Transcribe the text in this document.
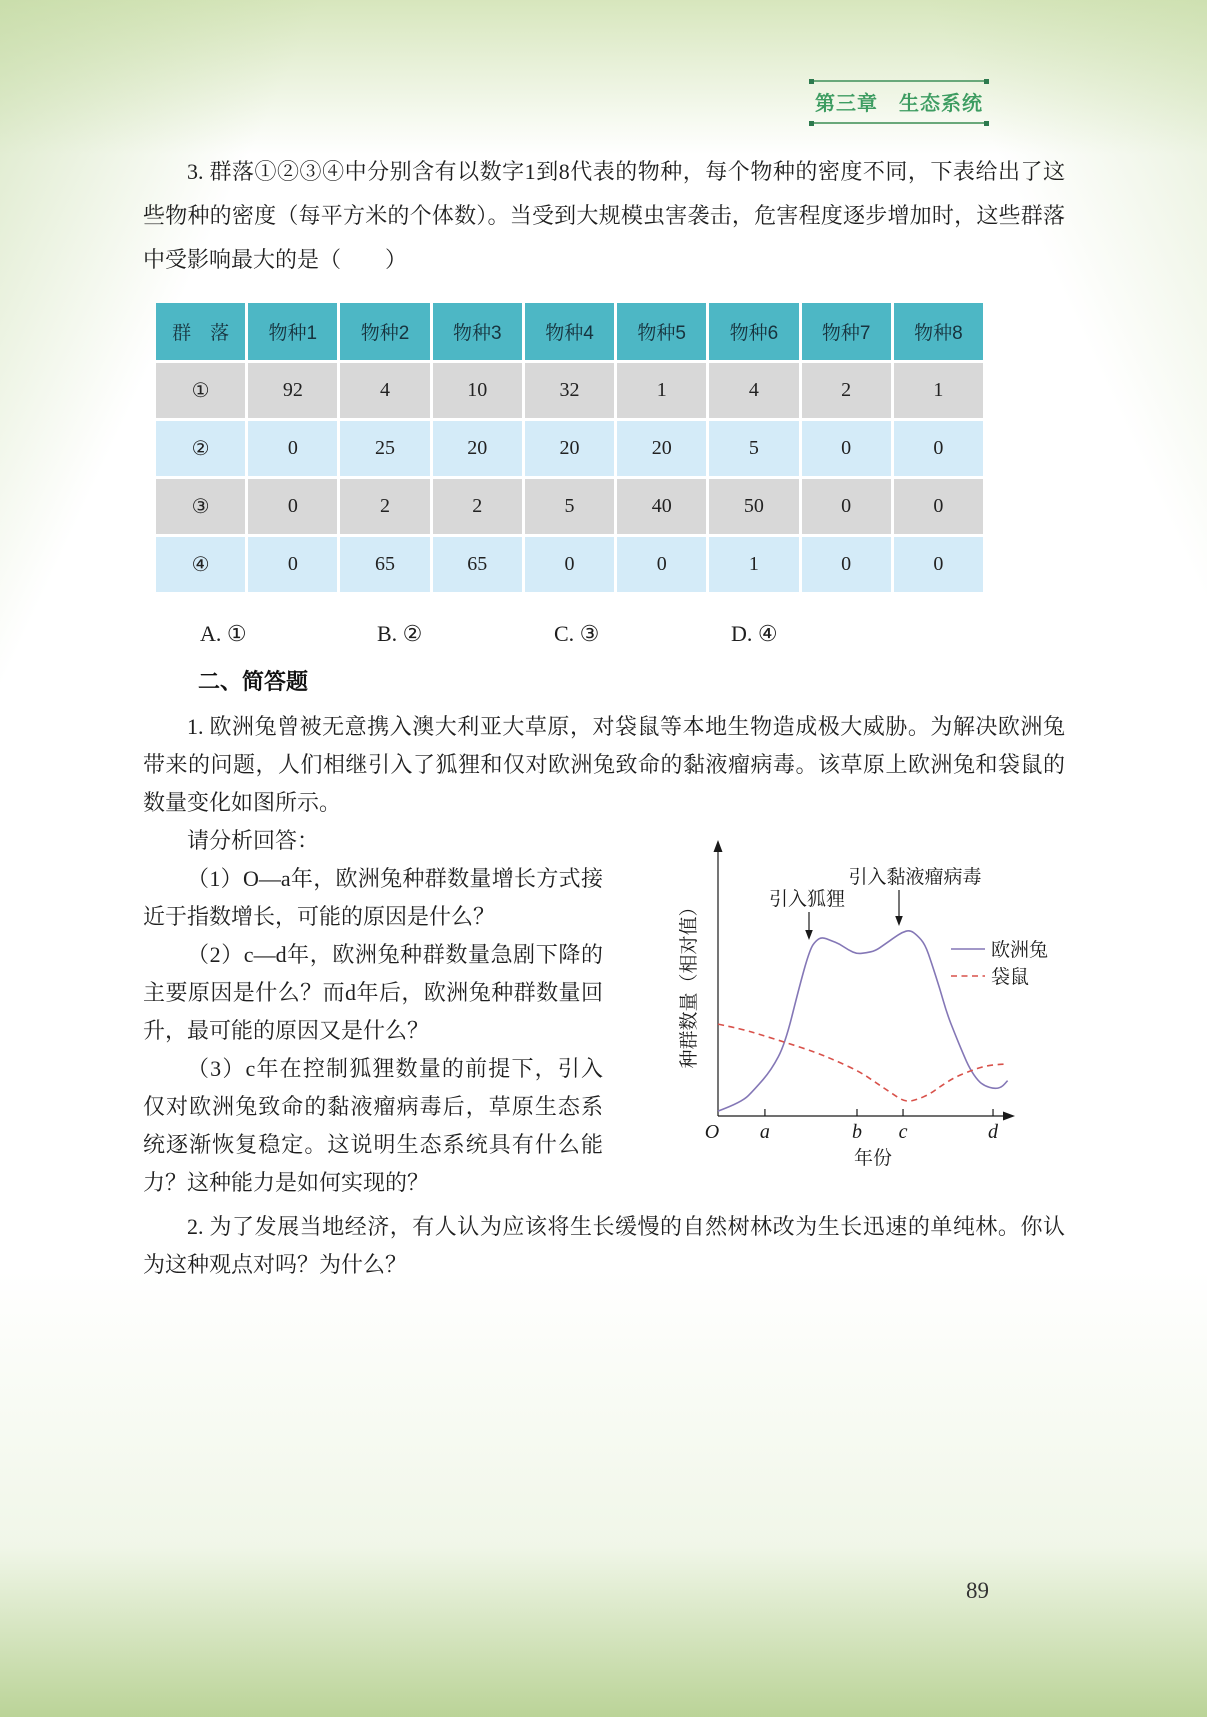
第三章　生态系统

3. 群落①②③④中分别含有以数字1到8代表的物种，每个物种的密度不同，下表给出了这些物种的密度（每平方米的个体数）。当受到大规模虫害袭击，危害程度逐步增加时，这些群落中受影响最大的是（　　）

群　落	物种1	物种2	物种3	物种4	物种5	物种6	物种7	物种8
①	92	4	10	32	1	4	2	1
②	0	25	20	20	20	5	0	0
③	0	2	2	5	40	50	0	0
④	0	65	65	0	0	1	0	0
A. ①	B. ②	C. ③	D. ④
二、简答题

1. 欧洲兔曾被无意携入澳大利亚大草原，对袋鼠等本地生物造成极大威胁。为解决欧洲兔带来的问题，人们相继引入了狐狸和仅对欧洲兔致命的黏液瘤病毒。该草原上欧洲兔和袋鼠的数量变化如图所示。

种群数量（相对值）
年份
O a	b c	d
引入狐狸
引入黏液瘤病毒
欧洲兔
袋鼠

请分析回答：

（1）O—a年，欧洲兔种群数量增长方式接近于指数增长，可能的原因是什么？

（2）c—d年，欧洲兔种群数量急剧下降的主要原因是什么？而d年后，欧洲兔种群数量回升，最可能的原因又是什么？

（3）c年在控制狐狸数量的前提下，引入仅对欧洲兔致命的黏液瘤病毒后，草原生态系统逐渐恢复稳定。这说明生态系统具有什么能力？这种能力是如何实现的？

2. 为了发展当地经济，有人认为应该将生长缓慢的自然树林改为生长迅速的单纯林。你认为这种观点对吗？为什么？

89
